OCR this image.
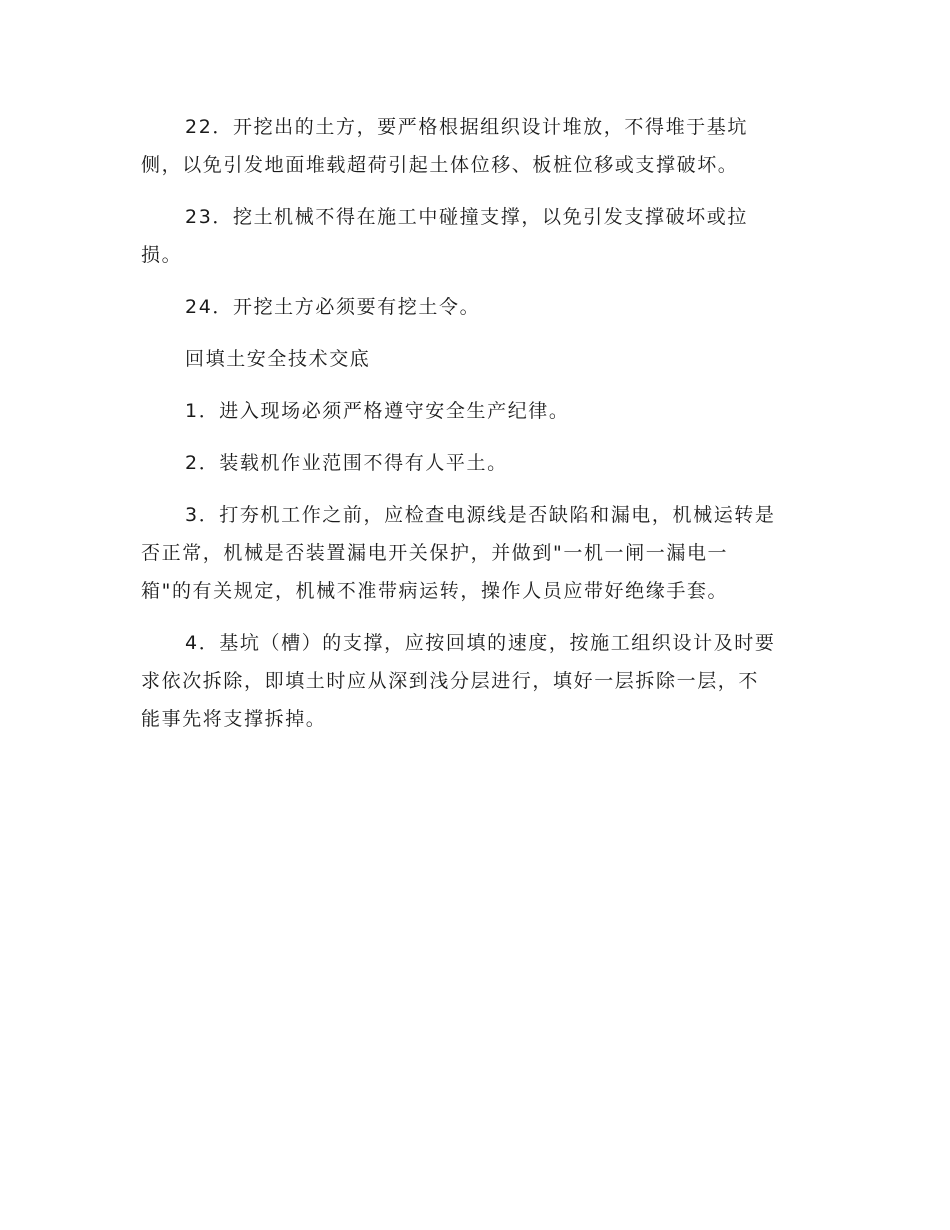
22．开挖出的土方，要严格根据组织设计堆放，不得堆于基坑
侧，以免引发地面堆载超荷引起土体位移、板桩位移或支撑破坏。

23．挖土机械不得在施工中碰撞支撑，以免引发支撑破坏或拉
损。

24．开挖土方必须要有挖土令。

回填土安全技术交底

1．进入现场必须严格遵守安全生产纪律。

2．装载机作业范围不得有人平土。

3．打夯机工作之前，应检查电源线是否缺陷和漏电，机械运转是
否正常，机械是否装置漏电开关保护，并做到"一机一闸一漏电一
箱"的有关规定，机械不准带病运转，操作人员应带好绝缘手套。

4．基坑（槽）的支撑，应按回填的速度，按施工组织设计及时要
求依次拆除，即填土时应从深到浅分层进行，填好一层拆除一层，不
能事先将支撑拆掉。
